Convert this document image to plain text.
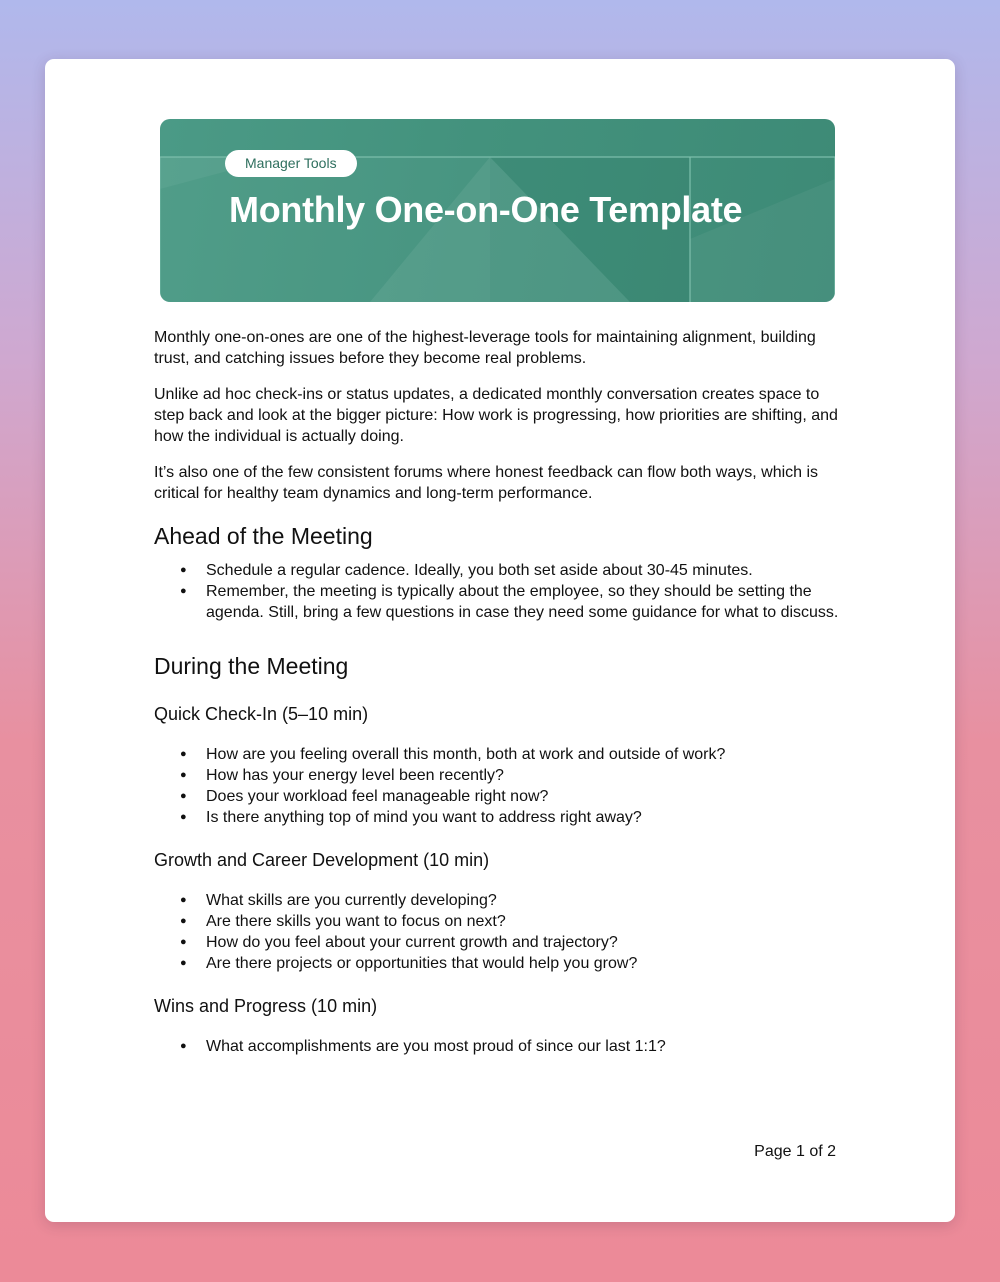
Manager Tools
Monthly One-on-One Template

Monthly one-on-ones are one of the highest-leverage tools for maintaining alignment, building trust, and catching issues before they become real problems.

Unlike ad hoc check-ins or status updates, a dedicated monthly conversation creates space to step back and look at the bigger picture: How work is progressing, how priorities are shifting, and how the individual is actually doing.

It’s also one of the few consistent forums where honest feedback can flow both ways, which is critical for healthy team dynamics and long-term performance.

Ahead of the Meeting
● Schedule a regular cadence. Ideally, you both set aside about 30-45 minutes.
● Remember, the meeting is typically about the employee, so they should be setting the agenda. Still, bring a few questions in case they need some guidance for what to discuss.
During the Meeting
Quick Check-In (5–10 min)
● How are you feeling overall this month, both at work and outside of work?
● How has your energy level been recently?
● Does your workload feel manageable right now?
● Is there anything top of mind you want to address right away?
Growth and Career Development (10 min)
● What skills are you currently developing?
● Are there skills you want to focus on next?
● How do you feel about your current growth and trajectory?
● Are there projects or opportunities that would help you grow?
Wins and Progress (10 min)
● What accomplishments are you most proud of since our last 1:1?
Page 1 of 2
